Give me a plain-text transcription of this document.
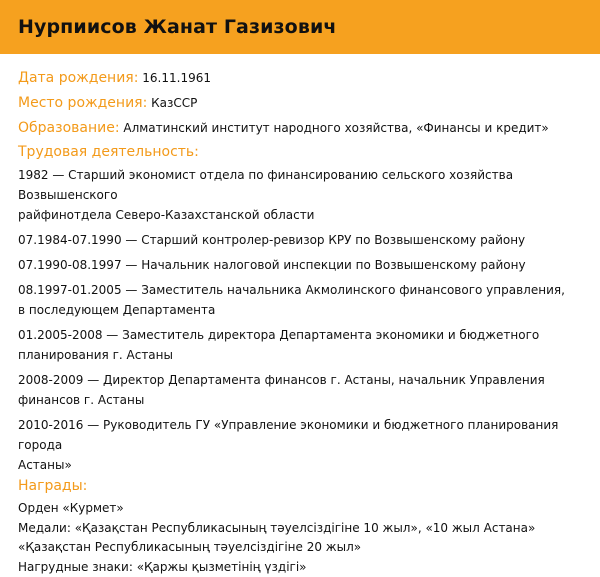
Нурпиисов Жанат Газизович
Дата рождения: 16.11.1961
Место рождения: КазССР
Образование: Алматинский институт народного хозяйства, «Финансы и кредит»
Трудовая деятельность:
1982 — Старший экономист отдела по финансированию сельского хозяйства Возвышенского
райфинотдела Северо-Казахстанской области
07.1984-07.1990 — Старший контролер-ревизор КРУ по Возвышенскому району
07.1990-08.1997 — Начальник налоговой инспекции по Возвышенскому району
08.1997-01.2005 — Заместитель начальника Акмолинского финансового управления,
в последующем Департамента
01.2005-2008 — Заместитель директора Департамента экономики и бюджетного
планирования г. Астаны
2008-2009 — Директор Департамента финансов г. Астаны, начальник Управления
финансов г. Астаны
2010-2016 — Руководитель ГУ «Управление экономики и бюджетного планирования города
Астаны»
Награды:
Орден «Курмет»
Медали: «Қазақстан Республикасының тәуелсіздігіне 10 жыл», «10 жыл Астана»
«Қазақстан Республикасының тәуелсіздігіне 20 жыл»
Нагрудные знаки: «Қаржы қызметінің үздігі»
